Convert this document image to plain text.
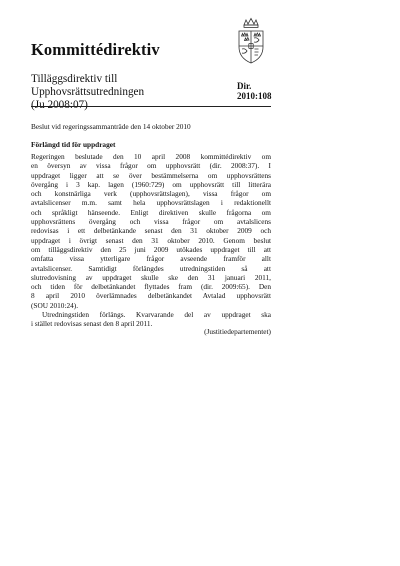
Kommittédirektiv
Tilläggsdirektiv till Upphovsrättsutredningen
(Ju 2008:07)
Dir.
2010:108
Beslut vid regeringssammanträde den 14 oktober 2010
Förlängd tid för uppdraget

Regeringen beslutade den 10 april 2008 kommittédirektiv om

en översyn av vissa frågor om upphovsrätt (dir. 2008:37). I

uppdraget ligger att se över bestämmelserna om upphovsrättens

övergång i 3 kap. lagen (1960:729) om upphovsrätt till litterära

och konstnärliga verk (upphovsrättslagen), vissa frågor om

avtalslicenser m.m. samt hela upphovsrättslagen i redaktionellt

och språkligt hänseende. Enligt direktiven skulle frågorna om

upphovsrättens övergång och vissa frågor om avtalslicens

redovisas i ett delbetänkande senast den 31 oktober 2009 och

uppdraget i övrigt senast den 31 oktober 2010. Genom beslut

om tilläggsdirektiv den 25 juni 2009 utökades uppdraget till att

omfatta vissa ytterligare frågor avseende framför allt

avtalslicenser. Samtidigt förlängdes utredningstiden så att

slutredovisning av uppdraget skulle ske den 31 januari 2011,

och tiden för delbetänkandet flyttades fram (dir. 2009:65). Den

8 april 2010 överlämnades delbetänkandet Avtalad upphovsrätt

(SOU 2010:24).

Utredningstiden förlängs. Kvarvarande del av uppdraget ska

i stället redovisas senast den 8 april 2011.

(Justitiedepartementet)
